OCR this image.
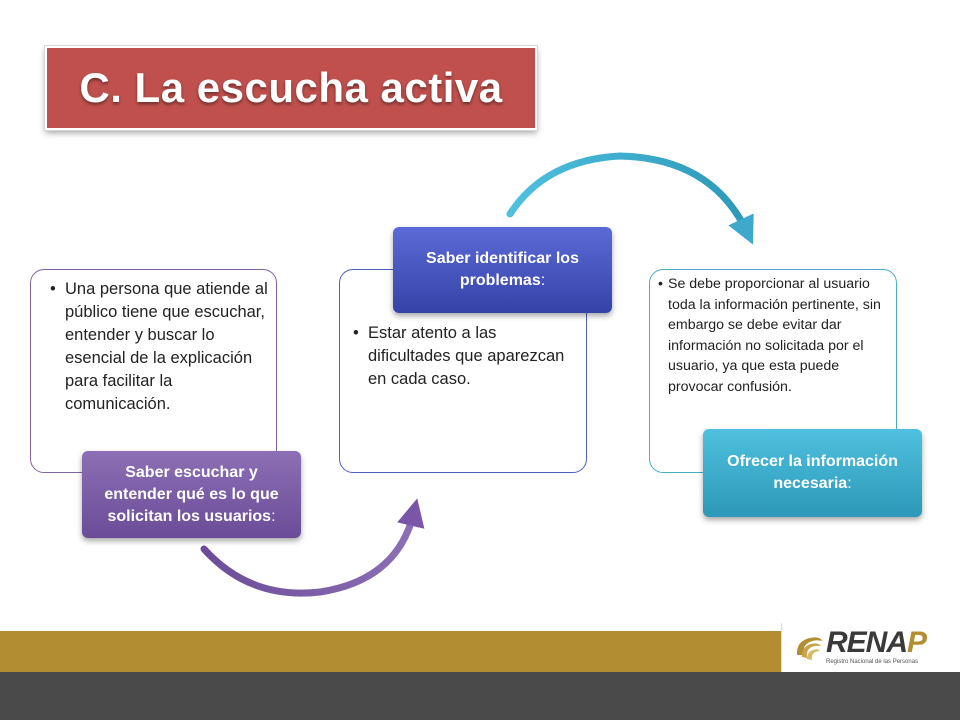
C. La escucha activa
• Una persona que atiende al público tiene que escuchar, entender y buscar lo esencial de la explicación para facilitar la comunicación.
• Estar atento a las dificultades que aparezcan en cada caso.
• Se debe proporcionar al usuario toda la información pertinente, sin embargo se debe evitar dar información no solicitada por el usuario, ya que esta puede provocar confusión.
Saber escuchar y entender qué es lo que solicitan los usuarios:
Saber identificar los problemas:
Ofrecer la información necesaria:
RENAP
Registro Nacional de las Personas
